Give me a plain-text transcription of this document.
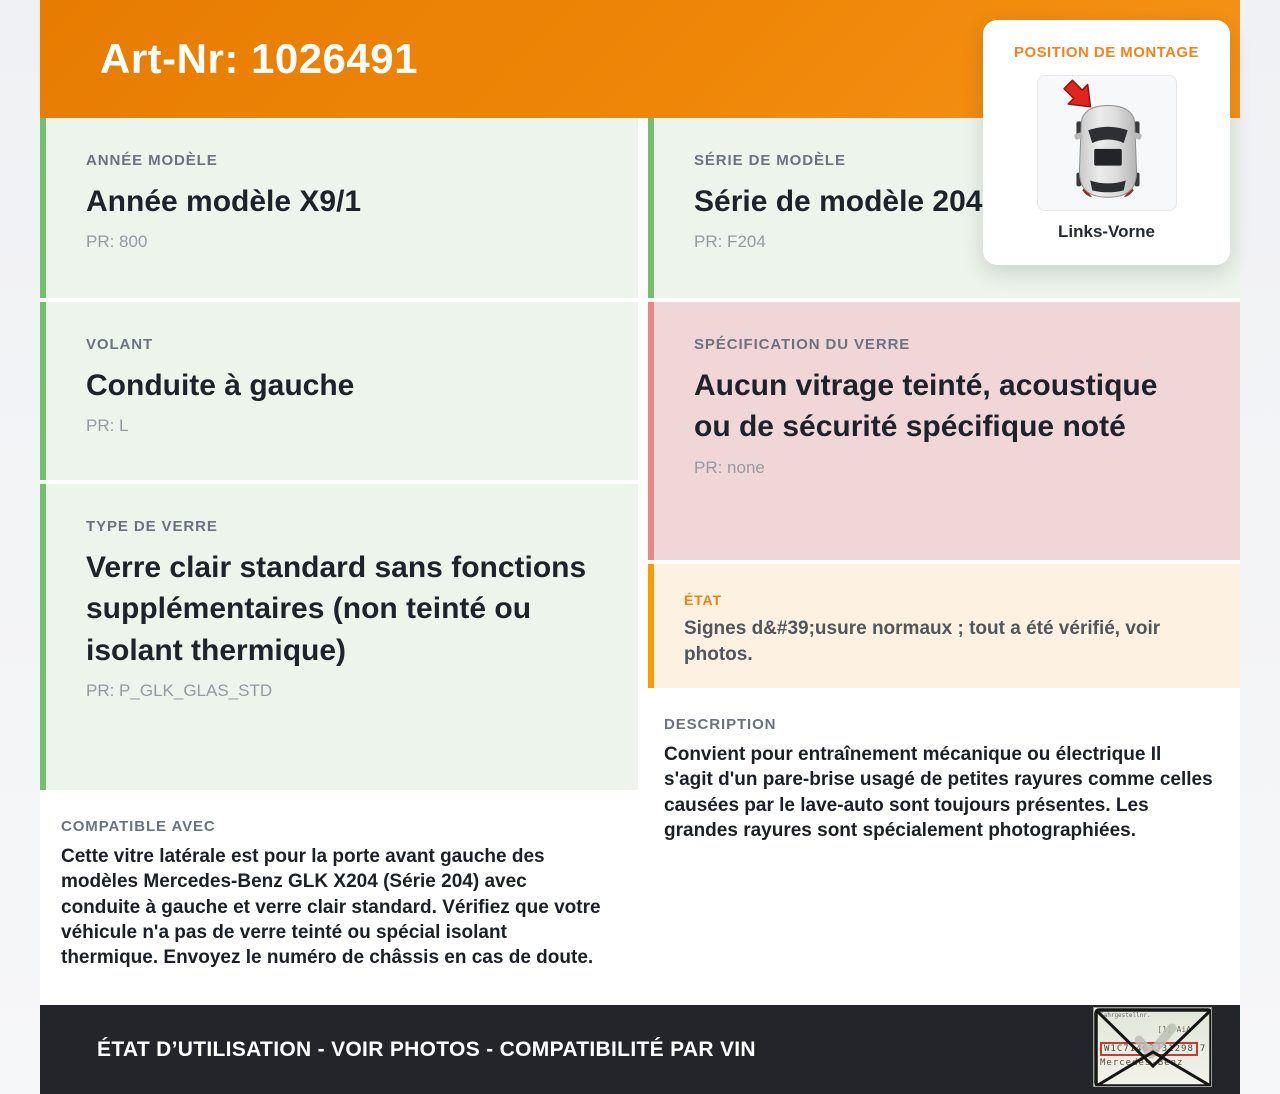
Art-Nr: 1026491
ANNÉE MODÈLE
Année modèle X9/1
PR: 800
SÉRIE DE MODÈLE
Série de modèle 204
PR: F204
VOLANT
Conduite à gauche
PR: L
SPÉCIFICATION DU VERRE
Aucun vitrage teinté, acoustique ou de sécurité spécifique noté
PR: none
TYPE DE VERRE
Verre clair standard sans fonctions supplémentaires (non teinté ou isolant thermique)
PR: P_GLK_GLAS_STD
ÉTAT
Signes d&#39;usure normaux ; tout a été vérifié, voir photos.
DESCRIPTION
Convient pour entraînement mécanique ou électrique Il s'agit d'un pare-brise usagé de petites rayures comme celles causées par le lave-auto sont toujours présentes. Les grandes rayures sont spécialement photographiées.
COMPATIBLE AVEC
Cette vitre latérale est pour la porte avant gauche des modèles Mercedes-Benz GLK X204 (Série 204) avec conduite à gauche et verre clair standard. Vérifiez que votre véhicule n'a pas de verre teinté ou spécial isolant thermique. Envoyez le numéro de châssis en cas de doute.
POSITION DE MONTAGE
Links-Vorne
ÉTAT D’UTILISATION - VOIR PHOTOS - COMPATIBILITÉ PAR VIN
Fahrgestellnr.
[1] AiA
W1C71463J31298 7
Mercedes-Benz
